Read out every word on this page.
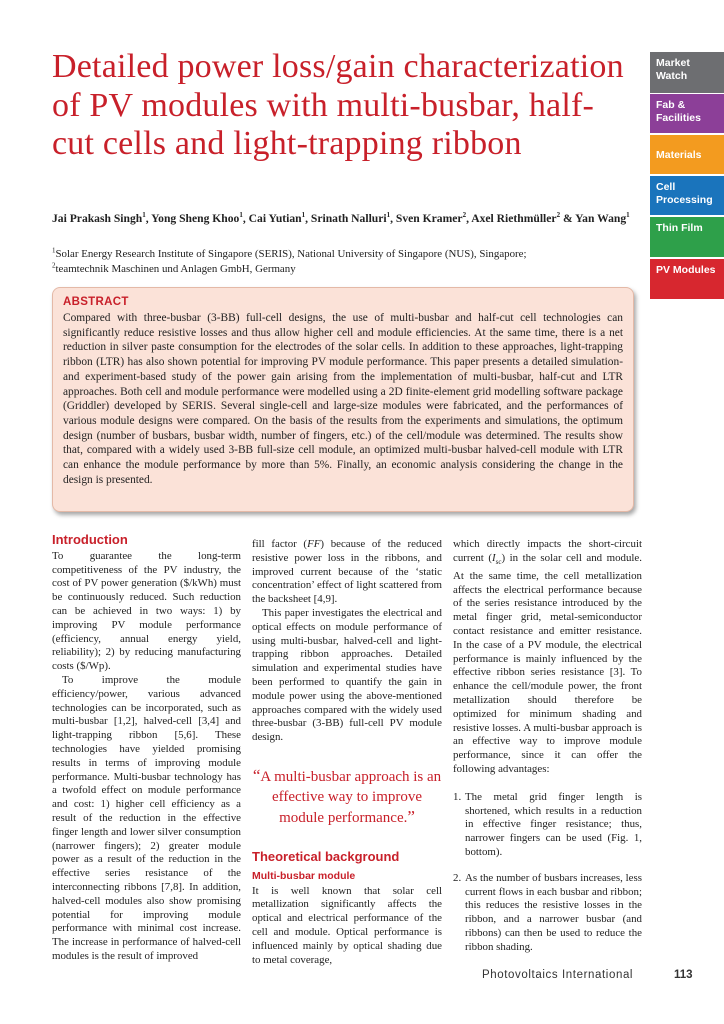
Detailed power loss/gain characterization of PV modules with multi-busbar, half-cut cells and light-trapping ribbon

Jai Prakash Singh$^1$, Yong Sheng Khoo$^1$, Cai Yutian$^1$, Srinath Nalluri$^1$, Sven Kramer$^2$, Axel Riethmüller$^2$ & Yan Wang$^1$

$^1$Solar Energy Research Institute of Singapore (SERIS), National University of Singapore (NUS), Singapore;
$^2$teamtechnik Maschinen und Anlagen GmbH, Germany

ABSTRACT

Compared with three-busbar (3-BB) full-cell designs, the use of multi-busbar and half-cut cell technologies can significantly reduce resistive losses and thus allow higher cell and module efficiencies. At the same time, there is a net reduction in silver paste consumption for the electrodes of the solar cells. In addition to these approaches, light-trapping ribbon (LTR) has also shown potential for improving PV module performance. This paper presents a detailed simulation- and experiment-based study of the power gain arising from the implementation of multi-busbar, half-cut and LTR approaches. Both cell and module performance were modelled using a 2D finite-element grid modelling software package (Griddler) developed by SERIS. Several single-cell and large-size modules were fabricated, and the performances of various module designs were compared. On the basis of the results from the experiments and simulations, the optimum design (number of busbars, busbar width, number of fingers, etc.) of the cell/module was determined. The results show that, compared with a widely used 3-BB full-size cell module, an optimized multi-busbar halved-cell module with LTR can enhance the module performance by more than 5%. Finally, an economic analysis considering the change in the design is presented.

Introduction

To guarantee the long-term competitiveness of the PV industry, the cost of PV power generation ($/kWh) must be continuously reduced. Such reduction can be achieved in two ways: 1) by improving PV module performance (efficiency, annual energy yield, reliability); 2) by reducing manufacturing costs ($/Wp).

To improve the module efficiency/power, various advanced technologies can be incorporated, such as multi-busbar [1,2], halved-cell [3,4] and light-trapping ribbon [5,6]. These technologies have yielded promising results in terms of improving module performance. Multi-busbar technology has a twofold effect on module performance and cost: 1) higher cell efficiency as a result of the reduction in the effective finger length and lower silver consumption (narrower fingers); 2) greater module power as a result of the reduction in the effective series resistance of the interconnecting ribbons [7,8]. In addition, halved-cell modules also show promising potential for improving module performance with minimal cost increase. The increase in performance of halved-cell modules is the result of improved

fill factor (FF) because of the reduced resistive power loss in the ribbons, and improved current because of the ‘static concentration’ effect of light scattered from the backsheet [4,9].

This paper investigates the electrical and optical effects on module performance of using multi-busbar, halved-cell and light-trapping ribbon approaches. Detailed simulation and experimental studies have been performed to quantify the gain in module power using the above-mentioned approaches compared with the widely used three-busbar (3-BB) full-cell PV module design.

“A multi-busbar approach is an effective way to improve module performance.”
Theoretical background
Multi-busbar module

It is well known that solar cell metallization significantly affects the optical and electrical performance of the cell and module. Optical performance is influenced mainly by optical shading due to metal coverage,

which directly impacts the short-circuit current $(I_{sc})$ in the solar cell and module. At the same time, the cell metallization affects the electrical performance because of the series resistance introduced by the metal finger grid, metal-semiconductor contact resistance and emitter resistance. In the case of a PV module, the electrical performance is mainly influenced by the effective ribbon series resistance [3]. To enhance the cell/module power, the front metallization should therefore be optimized for minimum shading and resistive losses. A multi-busbar approach is an effective way to improve module performance, since it can offer the following advantages:

1. The metal grid finger length is shortened, which results in a reduction in effective finger resistance; thus, narrower fingers can be used (Fig. 1, bottom).
2. As the number of busbars increases, less current flows in each busbar and ribbon; this reduces the resistive losses in the ribbon, and a narrower busbar (and ribbons) can then be used to reduce the ribbon shading.
Market Watch
Fab & Facilities
Materials
Cell Processing
Thin Film
PV Modules
Photovoltaics International	113
